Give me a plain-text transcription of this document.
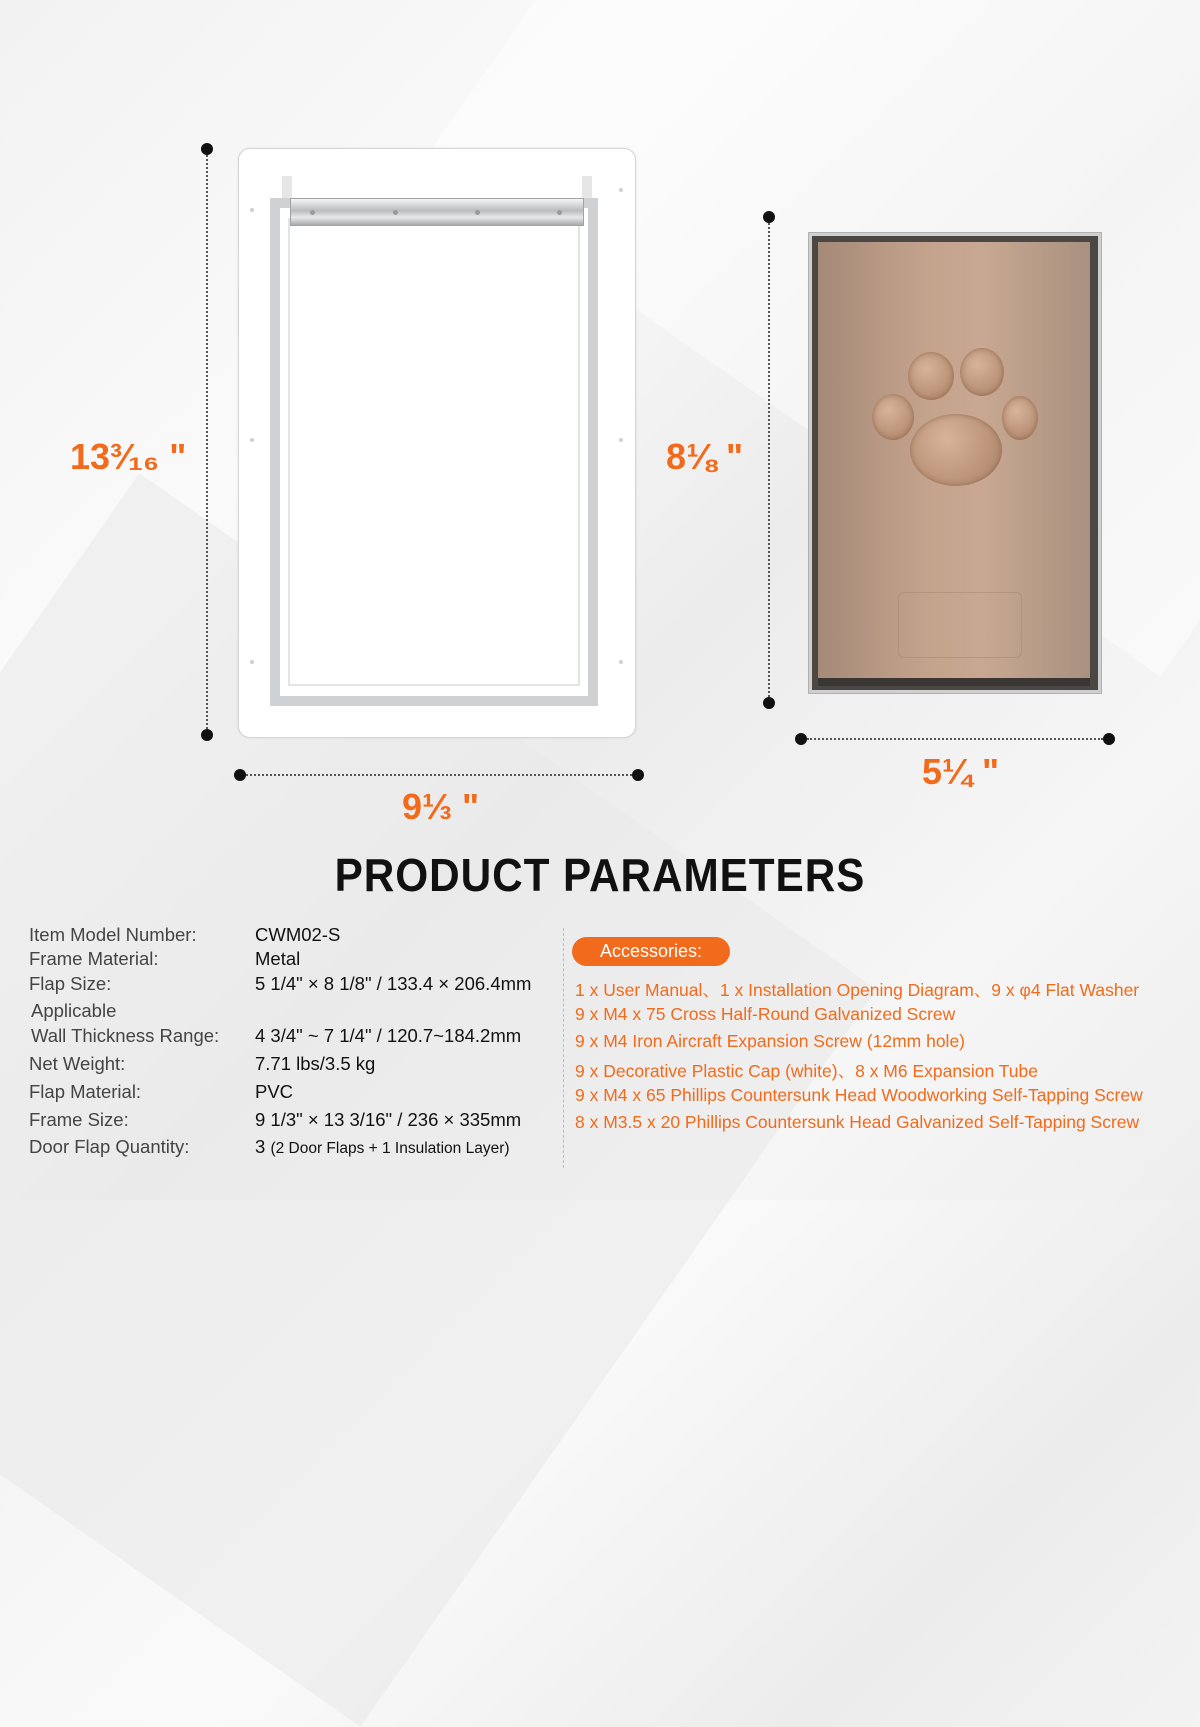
13³⁄₁₆ "
9⅓ "
8⅛ "
5¼ "
PRODUCT PARAMETERS
Item Model Number:	CWM02-S
Frame Material:	Metal
Flap Size:	5 1/4" × 8 1/8" / 133.4 × 206.4mm
Applicable
Wall Thickness Range: 4 3/4" ~ 7 1/4" / 120.7~184.2mm
Net Weight:	7.71 lbs/3.5 kg
Flap Material:	PVC
Frame Size:	9 1/3" × 13 3/16" / 236 × 335mm
Door Flap Quantity:	3 (2 Door Flaps + 1 Insulation Layer)
Accessories:
1 x User Manual、1 x Installation Opening Diagram、9 x φ4 Flat Washer
9 x M4 x 75 Cross Half-Round Galvanized Screw
9 x M4 Iron Aircraft Expansion Screw (12mm hole)
9 x Decorative Plastic Cap (white)、8 x M6 Expansion Tube
9 x M4 x 65 Phillips Countersunk Head Woodworking Self-Tapping Screw
8 x M3.5 x 20 Phillips Countersunk Head Galvanized Self-Tapping Screw
